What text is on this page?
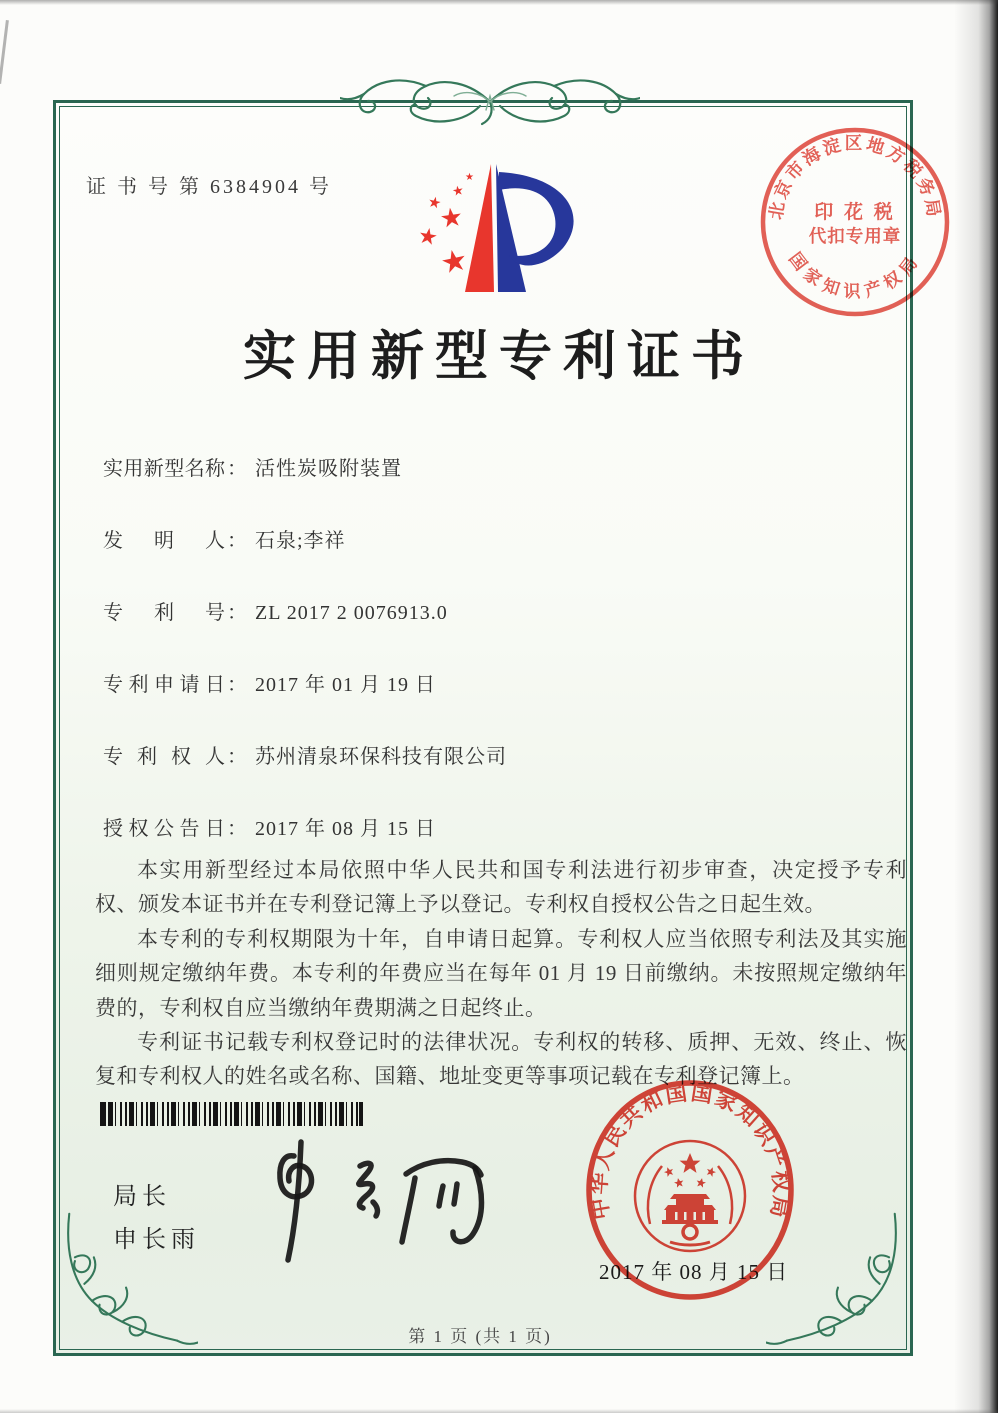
证 书 号 第 6384904 号
★
★
★
★
★
★
北京市海淀区地方税务局
国家知识产权局
印 花 税
代扣专用章
实用新型专利证书
实用新型名称 ： 活性炭吸附装置
发明人 ： 石泉;李祥
专利号 ： ZL 2017 2 0076913.0
专利申请日 ： 2017 年 01 月 19 日
专利权人 ： 苏州清泉环保科技有限公司
授权公告日 ： 2017 年 08 月 15 日

本实用新型经过本局依照中华人民共和国专利法进行初步审查，决定授予专利权、颁发本证书并在专利登记簿上予以登记。专利权自授权公告之日起生效。

本专利的专利权期限为十年，自申请日起算。专利权人应当依照专利法及其实施细则规定缴纳年费。本专利的年费应当在每年 01 月 19 日前缴纳。未按照规定缴纳年费的，专利权自应当缴纳年费期满之日起终止。

专利证书记载专利权登记时的法律状况。专利权的转移、质押、无效、终止、恢复和专利权人的姓名或名称、国籍、地址变更等事项记载在专利登记簿上。

局长
申长雨
中华人民共和国国家知识产权局
2017 年 08 月 15 日
第 1 页 (共 1 页)
